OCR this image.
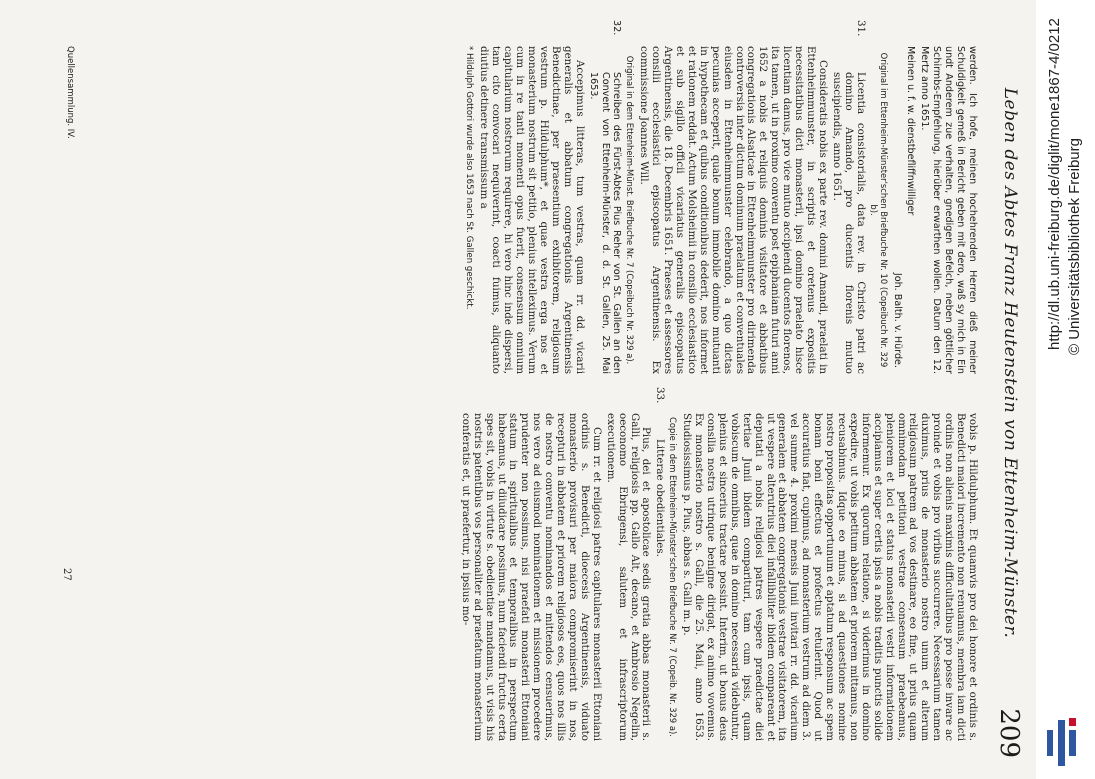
Leben des Abtes Franz Heutenstein von Ettenheim-Münster.
209

werden. Ich hofe, meinen hochehrenden Herren dieß meiner Schuldigkeit gemeß in Bericht geben mit dero, waß sy mich in Ein undt Anderem zue verhalten, gnedigen Befelch, neben göttlicher Schirmbs-Empfehlung, hierüber erwarthen wollen. Datum den 12. Mertz anno 1651.

Meinen u. f. w. dienstbefliffnwilliger

Joh. Balth. v. Hürde.
Original im Ettenheim-Münster'schen Briefbuche Nr. 10 (Copeibuch Nr. 329 b).

31.Licentia consistorialis, data rev. in Christo patri ac domino Amando, pro ducentis florenis mutuo suscipiendis, anno 1651.

Consideratis nobis ex parte rev. domini Amandi, praelati in Ettenheimmunster, in scriptis et oretenus expositis necessitatibus dicti monasterii, ipsi domino praelato hisce licentiam damus, pro vice mutuo accipiendi ducentos florenos, ita tamen, ut in proximo conventu post epiphaniam futuri anni 1652 a nobis et reliquis dominis visitatore et abbatibus congregationis Alsaticae in Ettenheimmunster pro dirimenda controversia inter dictum dominum praelatum et conventuales eiusdem in Ettenheimmunster celebrando, a quo dictas pecunias acceperit, quale bonum immobile domino mutuanti in hypothecam et quibus conditionibus dederit, nos informet et rationem reddat. Actum Molsheimii in consilio ecclesiastico et sub sigillo officii vicariatus generalis episcopatus Argentinensis, die 18. Decembris 1651. Praeses et assessores consilii ecclesiastici episcopatus Argentinensis. Ex commissione Joannes Will.

Original in dem Ettenheim-Münst. Briefbuche Nr. 7 (Copeibuch Nr. 329 a).

32.Schreiben des Fürst-Abtes Pius Reher von St. Gallen an den Convent von Ettenheim-Münster, d. d. St. Gallen, 25. Mai 1653.

Accepimus litteras, tum vestras, quam rr. dd. vicarii generalis et abbatum congregationis Argentinensis Benedictinae, per praesentium exhibitorem, religiosum vestrum p. Hildulphum*, et quae vestra erga nos et monasterium nostrum sit petitio, plenius intelleximus. Verum cum in re tanti momenti opus fuerit, consensum omnium capitularium nostrorum requirere, hi vero hinc inde dispersi, tam cito convocari nequiverint, coacti fuimus, aliquanto diutius detinere transmissum a

* Hildulph Gottori wurde also 1653 nach St. Gallen geschickt.

vobis p. Hildulphum. Et quamvis pro dei honore et ordinis s. Benedicti maiori incremento non renuamus, membra iam dicti ordinis non alienis maximis difficultatibus pro posse invare ac proinde et vobis pro viribus succurrere. Necessarium tamen duximus, prius de monasterio nostro unum et alterum religiosum patrem ad vos destinare, eo fine, ut prius quam omnimodam petitioni vestrae consensum praebeamus, pleniorem et loci et status monasterii vestri informationem accipiamus et super certis ipsis a nobis traditis punctis solide informemur. Ex quorum relatione, si viderimus in domino expedire, ut vobis petitum abbatem et priorem mittamus, non recusabimus. Idque eo minus, si ad quaestiones nomine nostro propositas opportunum et aptatum responsum ac spem bonam boni effectus et profectus retulerint. Quod ut accuratius fiat, cupimus, ad monasterium vestrum ad diem 3. vel summe 4. proximi mensis Junii invitari rr. dd. vicarium generalem et abbatem congregationis vestrae visitatorem, ita ut vespere alterutrius diei infallibiliter ibidem compareant et deputati a nobis religiosi patres vespere praedictae diei tertiae Junii ibidem comparituri, tam cum ipsis, quam vobiscum de omnibus, quae in domino necessaria videbuntur, plenius et sincerius tractare possint. Interim, ut bonus deus consilia nostra utrinque benigne dirigat, ex animo vovemus. Ex monasterio nostro s. Galli, die 25. Maii, anno 1653. Studiosissimus p. Pius, abbas s. Galli m. p.

Copie in dem Ettenheim-Münster'schen Briefbuche Nr. 7 (Copeib. Nr. 329 a).

33.Litterae obedientiales.

Pius, dei et apostolicae sedis gratia abbas monasterii s. Galli, religiosis pp. Gallo Alt, decano, et Ambrosio Negelin, oeconomo Ebringensi, salutem et infrascriptorum executionem.

Cum rr. et religiosi patres capitulares monasterii Ettoniani ordinis s. Benedicti, dioecesis Argentinensis, viduato monasterio provisuri per maiora compromiserint in nos, recepturi in abbatem et priorem religiosos eos, quos nos illis de nostro conventu nominandos et mittendos censuerimus, nos vero ad eiusmodi nominationem et missionem procedere prudenter non possimus, nisi praefati monasterii Ettoniani statum in spiritualibus et temporalibus in perspectum habeamus, ut diiudicare possimus, num faciendi fructus certa spes sit, vobis in virtute s. obedientiae mandamus, ut visis his nostris patentibus vos personaliter ad praefatum monasterium conferatis et, ut praefertur, in ipsius mo-

Quellensammlung. IV.
27
http://dl.ub.uni-freiburg.de/diglit/mone1867-4/0212 © Universitätsbibliothek Freiburg
